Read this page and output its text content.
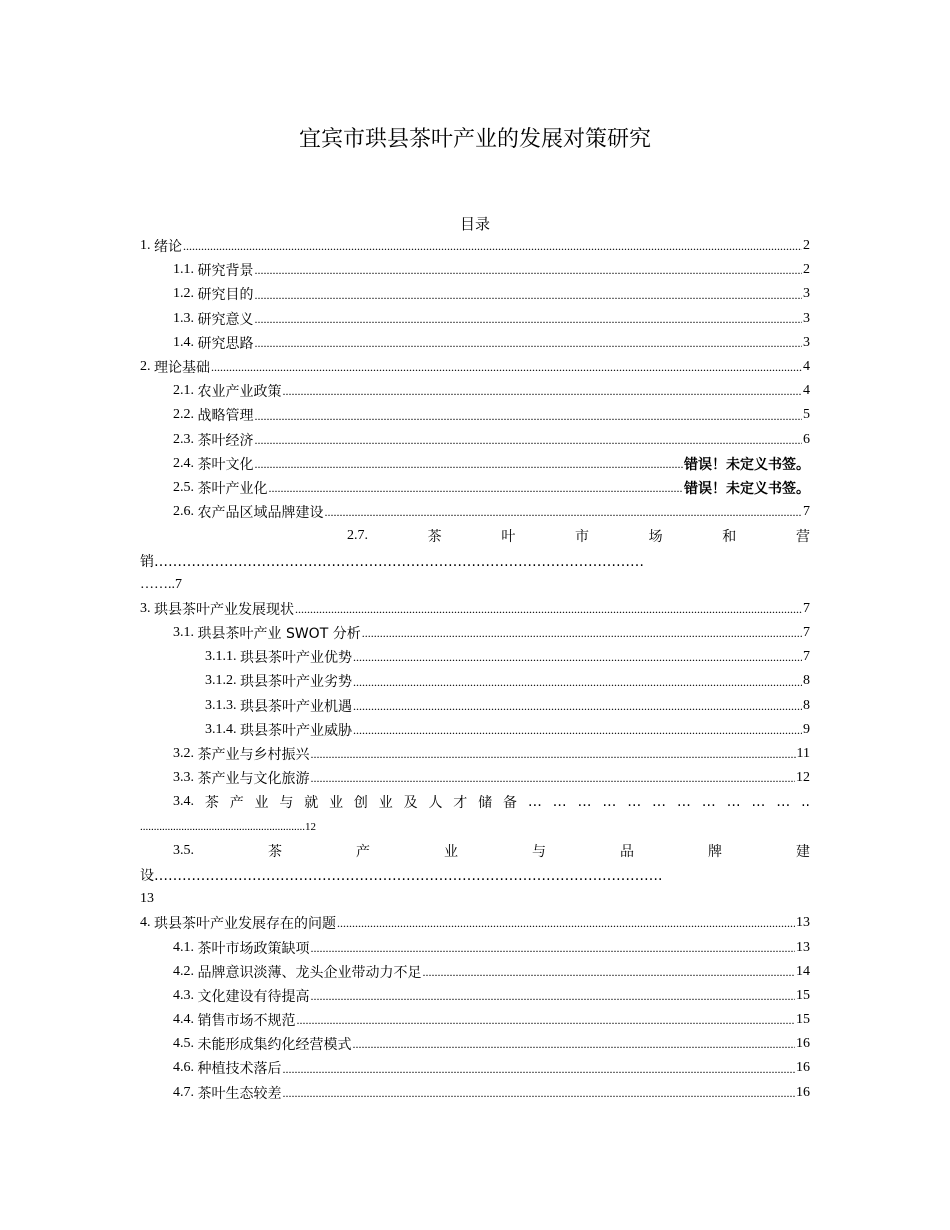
宜宾市珙县茶叶产业的发展对策研究
目录
1. 绪论 .....	2
1.1. 研究背景 .....	2
1.2. 研究目的 .....	3
1.3. 研究意义 .....	3
1.4. 研究思路 .....	3
2. 理论基础 .....	4
2.1. 农业产业政策 .....	4
2.2. 战略管理 .....	5
2.3. 茶叶经济 .....	6
2.4. 茶叶文化 .....	错误！未定义书签。
2.5. 茶叶产业化 .....	错误！未定义书签。
2.6. 农产品区域品牌建设 .....	7
2.7.	茶	叶	市	场	和	营
销……………………………………………………………………………………………
……..7
3. 珙县茶叶产业发展现状 .....	7
3.1. 珙县茶叶产业 SWOT 分析 .....	7
3.1.1. 珙县茶叶产业优势 .....	7
3.1.2. 珙县茶叶产业劣势 .....	8
3.1.3. 珙县茶叶产业机遇 .....	8
3.1.4. 珙县茶叶产业威胁 .....	9
3.2. 茶产业与乡村振兴 .....	11
3.3. 茶产业与文化旅游 .....	12
3.4. 茶 产 业 与 就 业 创 业 及 人 才 储 备 … … … … … … … … … … … ..
............................................................12
3.5.	茶	产	业	与	品	牌	建
设……………………………………………………………………………………………….
13
4. 珙县茶叶产业发展存在的问题 .....	13
4.1. 茶叶市场政策缺项 .....	13
4.2. 品牌意识淡薄、龙头企业带动力不足 .....	14
4.3. 文化建设有待提高 .....	15
4.4. 销售市场不规范 .....	15
4.5. 未能形成集约化经营模式 .....	16
4.6. 种植技术落后 .....	16
4.7. 茶叶生态较差 .....	16
